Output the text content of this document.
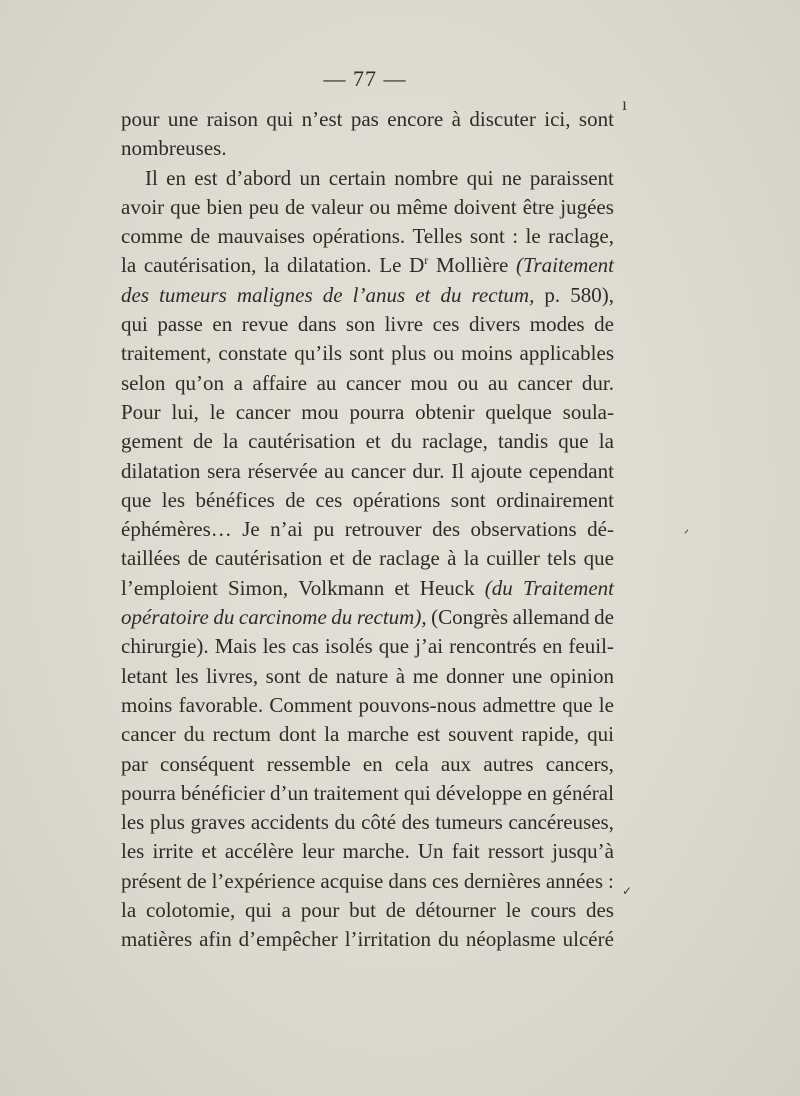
— 77 —
pour une raison qui n’est pas encore à discuter ici, sont
nombreuses.
Il en est d’abord un certain nombre qui ne paraissent
avoir que bien peu de valeur ou même doivent être jugées
comme de mauvaises opérations. Telles sont : le raclage,
la cautérisation, la dilatation. Le $D^r$ Mollière (Traitement
des tumeurs malignes de l’anus et du rectum, p. 580),
qui passe en revue dans son livre ces divers modes de
traitement, constate qu’ils sont plus ou moins applicables
selon qu’on a affaire au cancer mou ou au cancer dur.
Pour lui, le cancer mou pourra obtenir quelque soula-
gement de la cautérisation et du raclage, tandis que la
dilatation sera réservée au cancer dur. Il ajoute cependant
que les bénéfices de ces opérations sont ordinairement
éphémères… Je n’ai pu retrouver des observations dé-
taillées de cautérisation et de raclage à la cuiller tels que
l’emploient Simon, Volkmann et Heuck (du Traitement
opératoire du carcinome du rectum), (Congrès allemand de
chirurgie). Mais les cas isolés que j’ai rencontrés en feuil-
letant les livres, sont de nature à me donner une opinion
moins favorable. Comment pouvons-nous admettre que le
cancer du rectum dont la marche est souvent rapide, qui
par conséquent ressemble en cela aux autres cancers,
pourra bénéficier d’un traitement qui développe en général
les plus graves accidents du côté des tumeurs cancéreuses,
les irrite et accélère leur marche. Un fait ressort jusqu’à
présent de l’expérience acquise dans ces dernières années :
la colotomie, qui a pour but de détourner le cours des
matières afin d’empêcher l’irritation du néoplasme ulcéré
ı
ᐟ
✓
